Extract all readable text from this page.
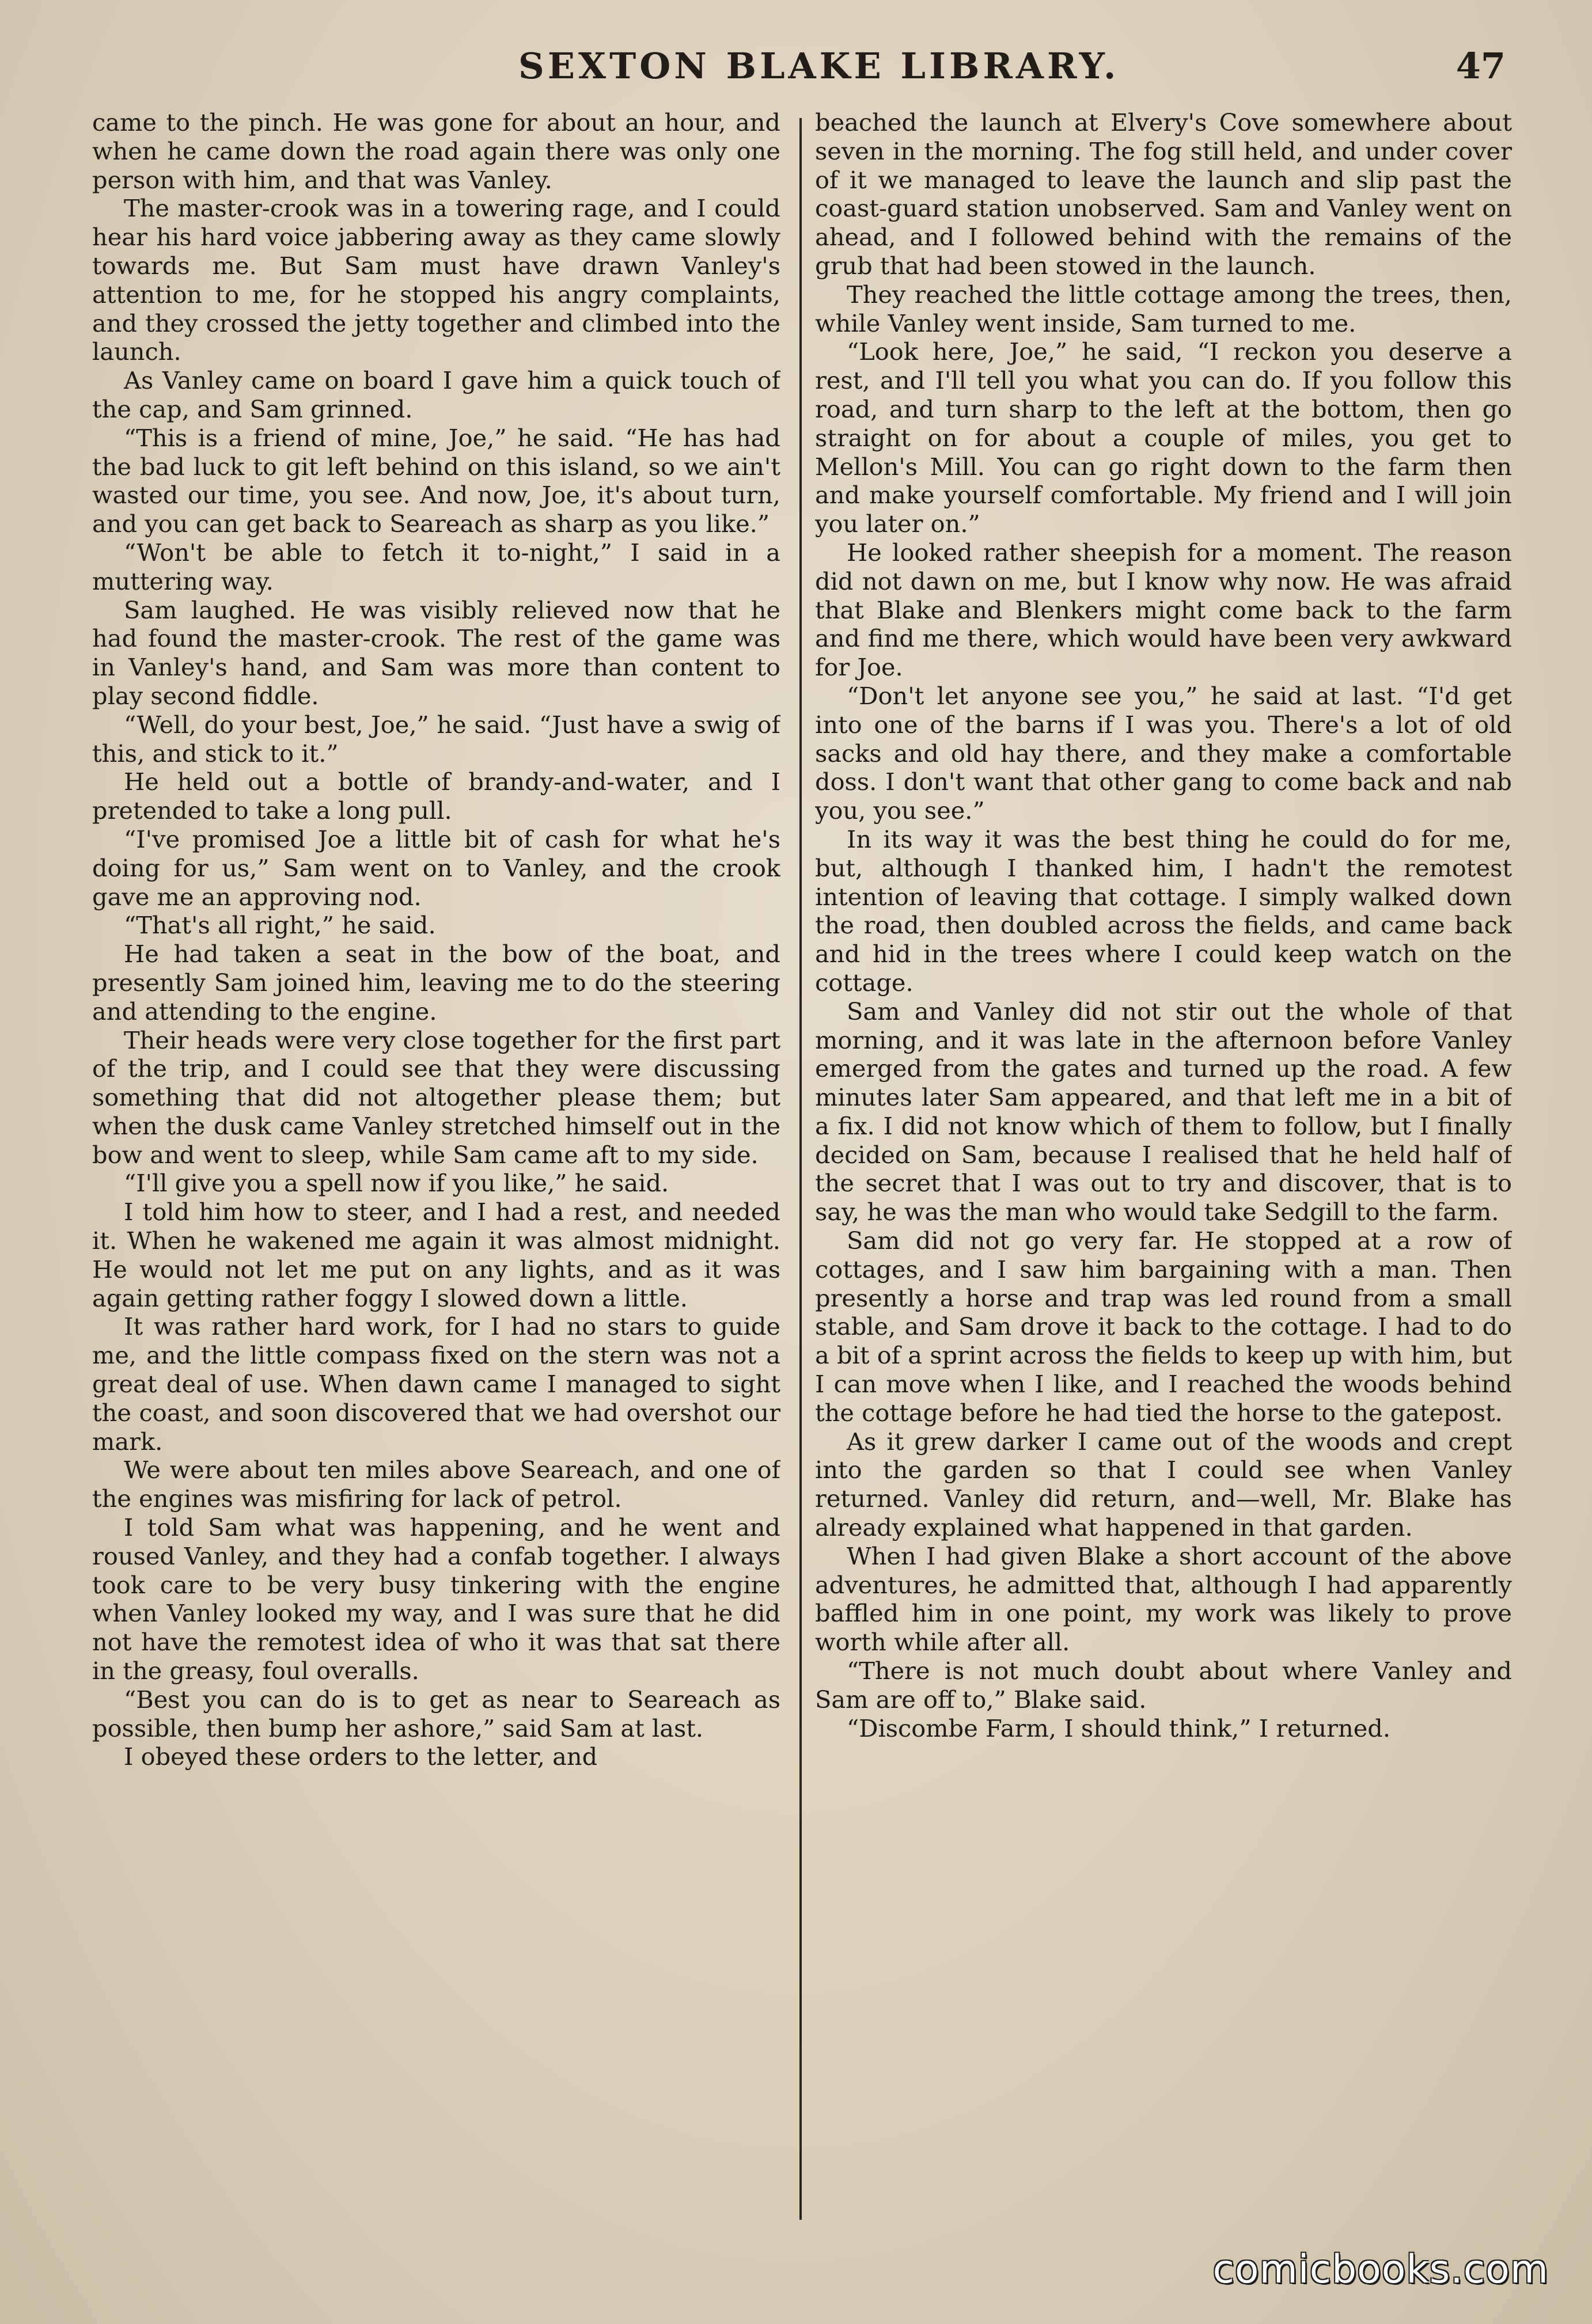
SEXTON BLAKE LIBRARY.	47

came to the pinch. He was gone for about an hour, and when he came down the road again there was only one person with him, and that was Vanley.

The master-crook was in a towering rage, and I could hear his hard voice jabbering away as they came slowly towards me. But Sam must have drawn Vanley's attention to me, for he stopped his angry complaints, and they crossed the jetty together and climbed into the launch.

As Vanley came on board I gave him a quick touch of the cap, and Sam grinned.

“This is a friend of mine, Joe,” he said. “He has had the bad luck to git left behind on this island, so we ain't wasted our time, you see. And now, Joe, it's about turn, and you can get back to Seareach as sharp as you like.”

“Won't be able to fetch it to-night,” I said in a muttering way.

Sam laughed. He was visibly relieved now that he had found the master-crook. The rest of the game was in Vanley's hand, and Sam was more than content to play second fiddle.

“Well, do your best, Joe,” he said. “Just have a swig of this, and stick to it.”

He held out a bottle of brandy-and-water, and I pretended to take a long pull.

“I've promised Joe a little bit of cash for what he's doing for us,” Sam went on to Vanley, and the crook gave me an approving nod.

“That's all right,” he said.

He had taken a seat in the bow of the boat, and presently Sam joined him, leaving me to do the steering and attending to the engine.

Their heads were very close together for the first part of the trip, and I could see that they were discussing something that did not altogether please them; but when the dusk came Vanley stretched himself out in the bow and went to sleep, while Sam came aft to my side.

“I'll give you a spell now if you like,” he said.

I told him how to steer, and I had a rest, and needed it. When he wakened me again it was almost midnight. He would not let me put on any lights, and as it was again getting rather foggy I slowed down a little.

It was rather hard work, for I had no stars to guide me, and the little compass fixed on the stern was not a great deal of use. When dawn came I managed to sight the coast, and soon discovered that we had overshot our mark.

We were about ten miles above Seareach, and one of the engines was misfiring for lack of petrol.

I told Sam what was happening, and he went and roused Vanley, and they had a confab together. I always took care to be very busy tinkering with the engine when Vanley looked my way, and I was sure that he did not have the remotest idea of who it was that sat there in the greasy, foul overalls.

“Best you can do is to get as near to Seareach as possible, then bump her ashore,” said Sam at last.

I obeyed these orders to the letter, and

beached the launch at Elvery's Cove somewhere about seven in the morning. The fog still held, and under cover of it we managed to leave the launch and slip past the coast-guard station unobserved. Sam and Vanley went on ahead, and I followed behind with the remains of the grub that had been stowed in the launch.

They reached the little cottage among the trees, then, while Vanley went inside, Sam turned to me.

“Look here, Joe,” he said, “I reckon you deserve a rest, and I'll tell you what you can do. If you follow this road, and turn sharp to the left at the bottom, then go straight on for about a couple of miles, you get to Mellon's Mill. You can go right down to the farm then and make yourself comfortable. My friend and I will join you later on.”

He looked rather sheepish for a moment. The reason did not dawn on me, but I know why now. He was afraid that Blake and Blenkers might come back to the farm and find me there, which would have been very awkward for Joe.

“Don't let anyone see you,” he said at last. “I'd get into one of the barns if I was you. There's a lot of old sacks and old hay there, and they make a comfortable doss. I don't want that other gang to come back and nab you, you see.”

In its way it was the best thing he could do for me, but, although I thanked him, I hadn't the remotest intention of leaving that cottage. I simply walked down the road, then doubled across the fields, and came back and hid in the trees where I could keep watch on the cottage.

Sam and Vanley did not stir out the whole of that morning, and it was late in the afternoon before Vanley emerged from the gates and turned up the road. A few minutes later Sam appeared, and that left me in a bit of a fix. I did not know which of them to follow, but I finally decided on Sam, because I realised that he held half of the secret that I was out to try and discover, that is to say, he was the man who would take Sedgill to the farm.

Sam did not go very far. He stopped at a row of cottages, and I saw him bargaining with a man. Then presently a horse and trap was led round from a small stable, and Sam drove it back to the cottage. I had to do a bit of a sprint across the fields to keep up with him, but I can move when I like, and I reached the woods behind the cottage before he had tied the horse to the gatepost.

As it grew darker I came out of the woods and crept into the garden so that I could see when Vanley returned. Vanley did return, and—well, Mr. Blake has already explained what happened in that garden.

When I had given Blake a short account of the above adventures, he admitted that, although I had apparently baffled him in one point, my work was likely to prove worth while after all.

“There is not much doubt about where Vanley and Sam are off to,” Blake said.

“Discombe Farm, I should think,” I returned.

comicbooks.com
